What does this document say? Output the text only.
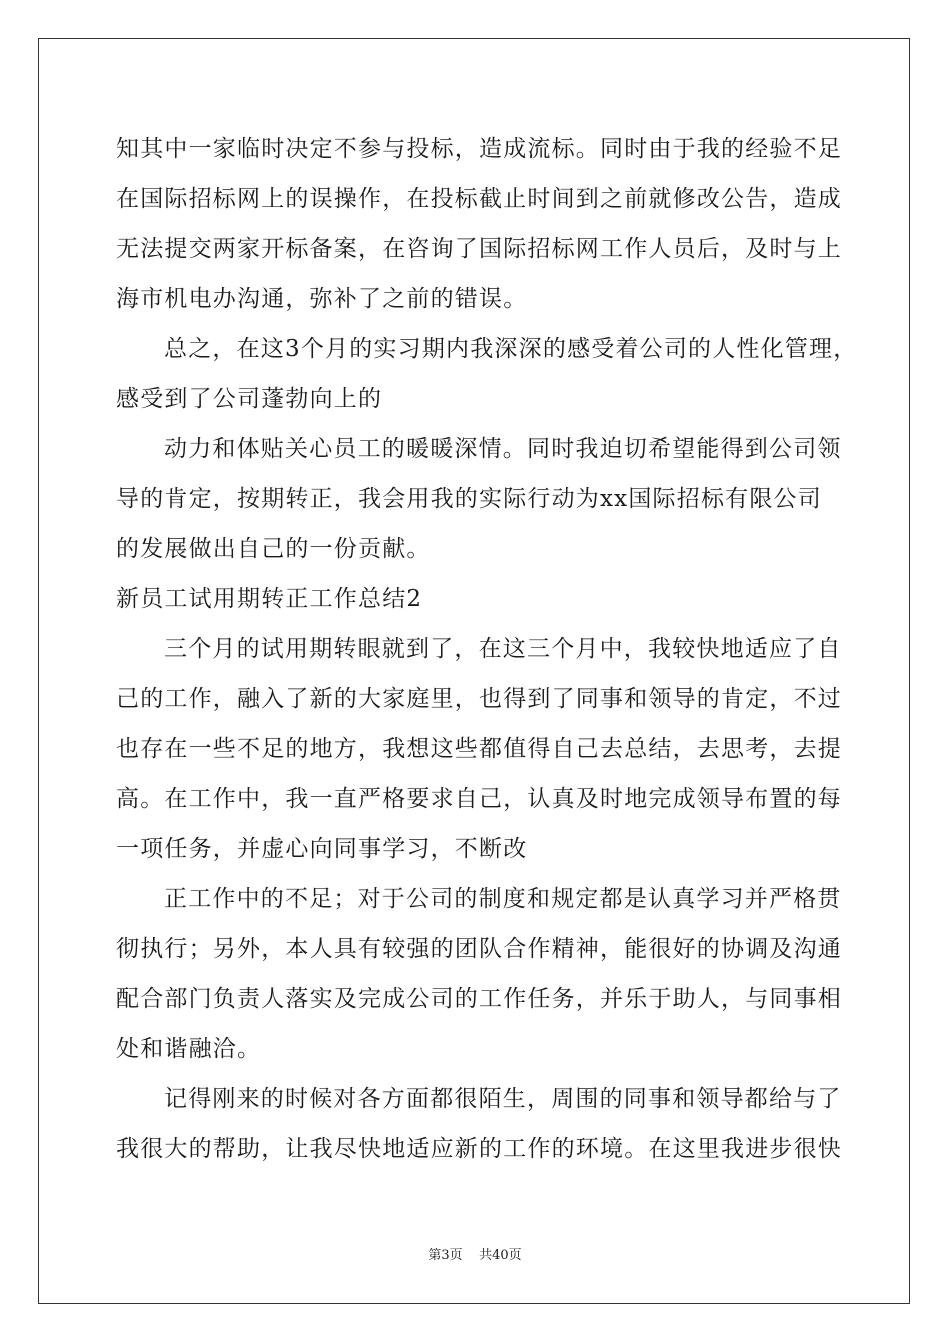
知其中一家临时决定不参与投标，造成流标。同时由于我的经验不足
在国际招标网上的误操作，在投标截止时间到之前就修改公告，造成
无法提交两家开标备案，在咨询了国际招标网工作人员后，及时与上
海市机电办沟通，弥补了之前的错误。
总之，在这3个月的实习期内我深深的感受着公司的人性化管理，
感受到了公司蓬勃向上的
动力和体贴关心员工的暖暖深情。同时我迫切希望能得到公司领
导的肯定，按期转正，我会用我的实际行动为xx国际招标有限公司
的发展做出自己的一份贡献。
新员工试用期转正工作总结2
三个月的试用期转眼就到了，在这三个月中，我较快地适应了自
己的工作，融入了新的大家庭里，也得到了同事和领导的肯定，不过
也存在一些不足的地方，我想这些都值得自己去总结，去思考，去提
高。在工作中，我一直严格要求自己，认真及时地完成领导布置的每
一项任务，并虚心向同事学习，不断改
正工作中的不足；对于公司的制度和规定都是认真学习并严格贯
彻执行；另外，本人具有较强的团队合作精神，能很好的协调及沟通
配合部门负责人落实及完成公司的工作任务，并乐于助人，与同事相
处和谐融洽。
记得刚来的时候对各方面都很陌生，周围的同事和领导都给与了
我很大的帮助，让我尽快地适应新的工作的环境。在这里我进步很快
第3页    共40页
